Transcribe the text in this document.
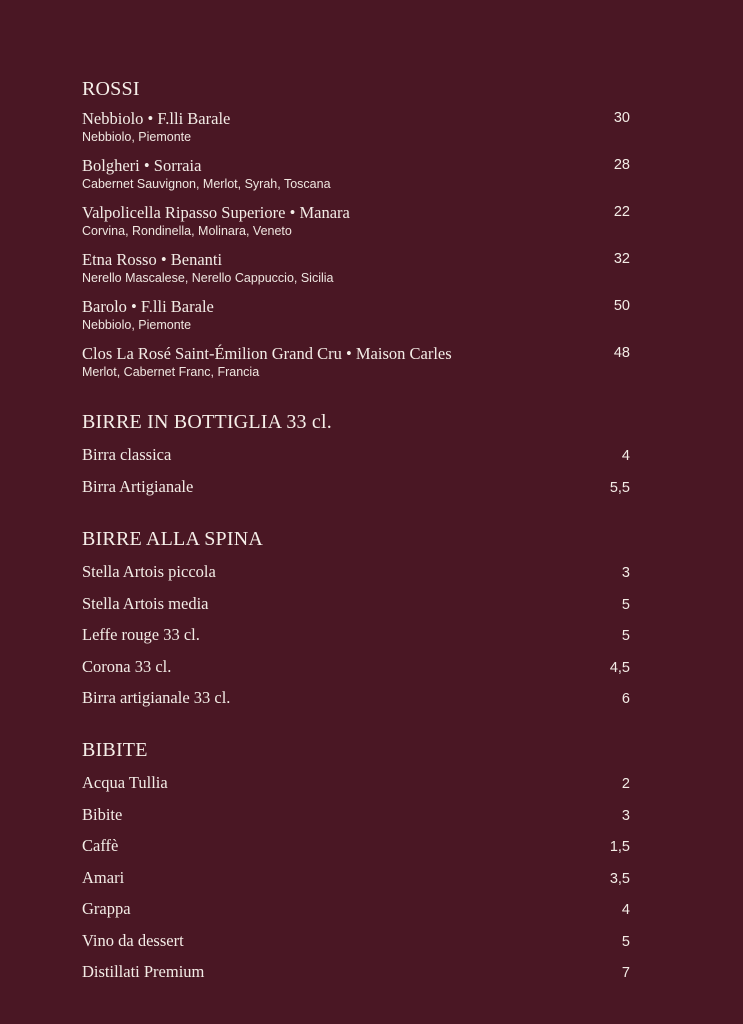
ROSSI
Nebbiolo • F.lli Barale
Nebbiolo, Piemonte
30
Bolgheri • Sorraia
Cabernet Sauvignon, Merlot, Syrah, Toscana
28
Valpolicella Ripasso Superiore • Manara
Corvina, Rondinella, Molinara, Veneto
22
Etna Rosso • Benanti
Nerello Mascalese, Nerello Cappuccio, Sicilia
32
Barolo • F.lli Barale
Nebbiolo, Piemonte
50
Clos La Rosé Saint-Émilion Grand Cru • Maison Carles
Merlot, Cabernet Franc, Francia
48
BIRRE IN BOTTIGLIA 33 cl.
Birra classica	4
Birra Artigianale	5,5
BIRRE ALLA SPINA
Stella Artois piccola	3
Stella Artois media	5
Leffe rouge 33 cl.	5
Corona 33 cl.	4,5
Birra artigianale 33 cl.	6
BIBITE
Acqua Tullia	2
Bibite	3
Caffè	1,5
Amari	3,5
Grappa	4
Vino da dessert	5
Distillati Premium	7
